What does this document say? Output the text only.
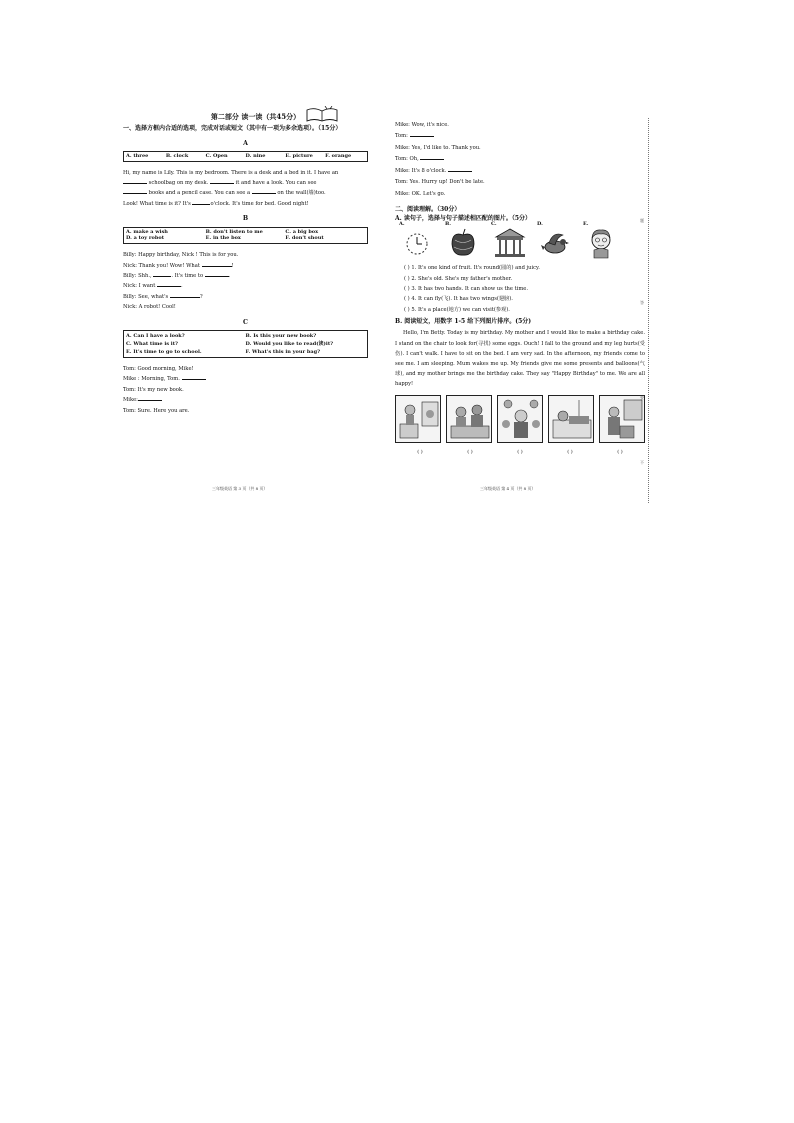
第二部分 读一读（共45分）
一、选择方框内合适的选项，完成对话或短文（其中有一项为多余选项）。（15分）
A
A. three	B. clock	C. Open	D. nine	E. picture	F. orange

Hi, my name is Lily. This is my bedroom. There is a desk and a bed in it. I have an

schoolbag on my desk.	it and have a look. You can see

books and a pencil case. You can see a	on the wall(墙)too.

Look! What time is it? It's	o'clock. It's time for bed. Good night!

B
A. make a wish	B. don't listen to me	C. a big box
D. a toy robot	E. in the box	F. don't shout

Billy: Happy birthday, Nick ! This is for you.

Nick: Thank you! Wow! What	!

Billy: Shh.,	. It's time to	.

Nick: I want	.

Billy: See, what's	?

Nick: A robot! Cool!

C
A. Can I have a look?	B. Is this your new book?
C. What time is it?	D. Would you like to read(读)it?
E. It's time to go to school.	F. What's this in your bag?

Tom: Good morning, Mike!

Mike : Morning, Tom.

Tom: It's my new book.

Mike:

Tom: Sure. Here you are.

三年级英语 第 3 页（共 8 页）

Mike: Wow, it's nice.

Tom:

Mike: Yes, I'd like to. Thank you.

Tom: Oh,

Mike: It's 8 o'clock.

Tom: Yes. Hurry up! Don't be late.

Mike: OK. Let's go.

二、阅读理解。（30分）
A. 读句子，选择与句子描述相匹配的图片。（5分）
A.	B.	C.	D.	E.

( ) 1. It's one kind of fruit. It's round(圆的) and juicy.

( ) 2. She's old. She's my father's mother.

( ) 3. It has two hands. It can show us the time.

( ) 4. It can fly(飞). It has two wings(翅膀).

( ) 5. It's a place(地方) we can visit(参观).

B. 阅读短文，用数字 1-5 给下列图片排序。(5分)

Hello, I'm Betty. Today is my birthday. My mother and I would like to make a birthday cake. I stand on the chair to look for(寻找) some eggs. Ouch! I fall to the ground and my leg hurts(受伤). I can't walk. I have to sit on the bed. I am very sad. In the afternoon, my friends come to see me. I am sleeping. Mum wakes me up. My friends give me some presents and balloons(气球), and my mother brings me the birthday cake. They say "Happy Birthday" to me. We are all happy!

( )	( )	( )	( )	( )
三年级英语 第 4 页（共 8 页）
题
答
要
不
